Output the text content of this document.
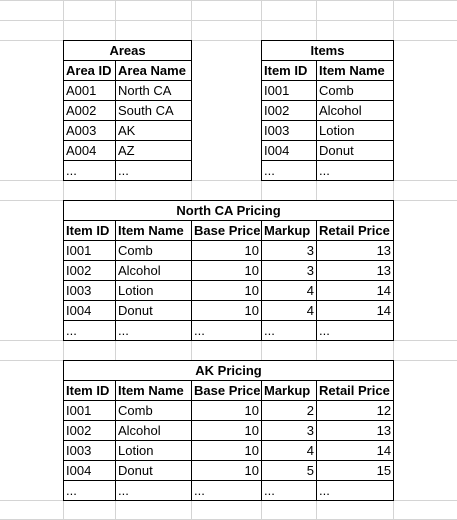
Areas	
Area ID	Area Name
A001	North CA
A002	South CA
A003	AK
A004	AZ
...	...
Items	
Item ID	Item Name
I001	Comb
I002	Alcohol
I003	Lotion
I004	Donut
...	...
North CA Pricing				
Item ID	Item Name	Base Price	Markup	Retail Price
I001	Comb	10	3	13
I002	Alcohol	10	3	13
I003	Lotion	10	4	14
I004	Donut	10	4	14
...	...	...	...	...
AK Pricing				
Item ID	Item Name	Base Price	Markup	Retail Price
I001	Comb	10	2	12
I002	Alcohol	10	3	13
I003	Lotion	10	4	14
I004	Donut	10	5	15
...	...	...	...	...
